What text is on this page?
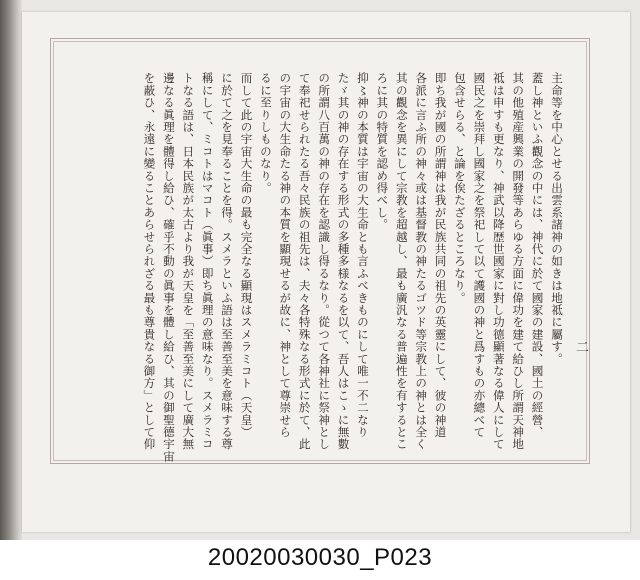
主命等を中心とせる出雲系諸神の如きは地祗に屬す。

蓋し神といふ觀念の中には、神代に於て國家の建設、國土の經營、

其の他殖産興業の開發等あらゆる方面に偉功を建て給ひし所謂天神地

祗は申すも更なり、神武以降歴世國家に對し功德顯著なる偉人にして

國民之を崇拜し國家之を祭祀して以て護國の神と爲すもの亦總べて

包含せらる、と論を俟たざるところなり。

即ち我が國の所謂神は我が民族共同の祖先の英靈にして、彼の神道

各派に言ふ所の神々或は基督教の神たるゴツド等宗教上の神とは全く

其の觀念を異にして宗教を超越し、最も廣汎なる普遍性を有するとこ

ろに其の特質を認め得べし。

抑〻神の本質は宇宙の大生命とも言ふべきものにして唯一不二なり

たゞ其の神の存在する形式の多種多様なるを以て、吾人はこゝに無數

の所謂八百萬の神の存在を認識し得るなり。從つて各神社に祭神とし

て奉祀せられたる吾々民族の祖先は、夫々各特殊なる形式に於て、此

の宇宙の大生命たる神の本質を顯現せるが故に、神として尊崇せら

るに至りしものなり。

而して此の宇宙大生命の最も完全なる顯現はスメラミコト（天皇）

に於て之を見奉ることを得。スメラといふ語は至善至美を意味する尊

稱にして、ミコトはマコト（眞事）即ち眞理の意味なり。スメラミコ

トなる語は、日本民族が太古より我が天皇を「至善至美にして廣大無

邊なる眞理を體得し給ひ、確乎不動の眞事を體し給ひ、其の御聖德宇宙

を蔽ひ、永遠に變ることあらせられざる最も尊貴なる御方」として仰	二
20020030030_P023
